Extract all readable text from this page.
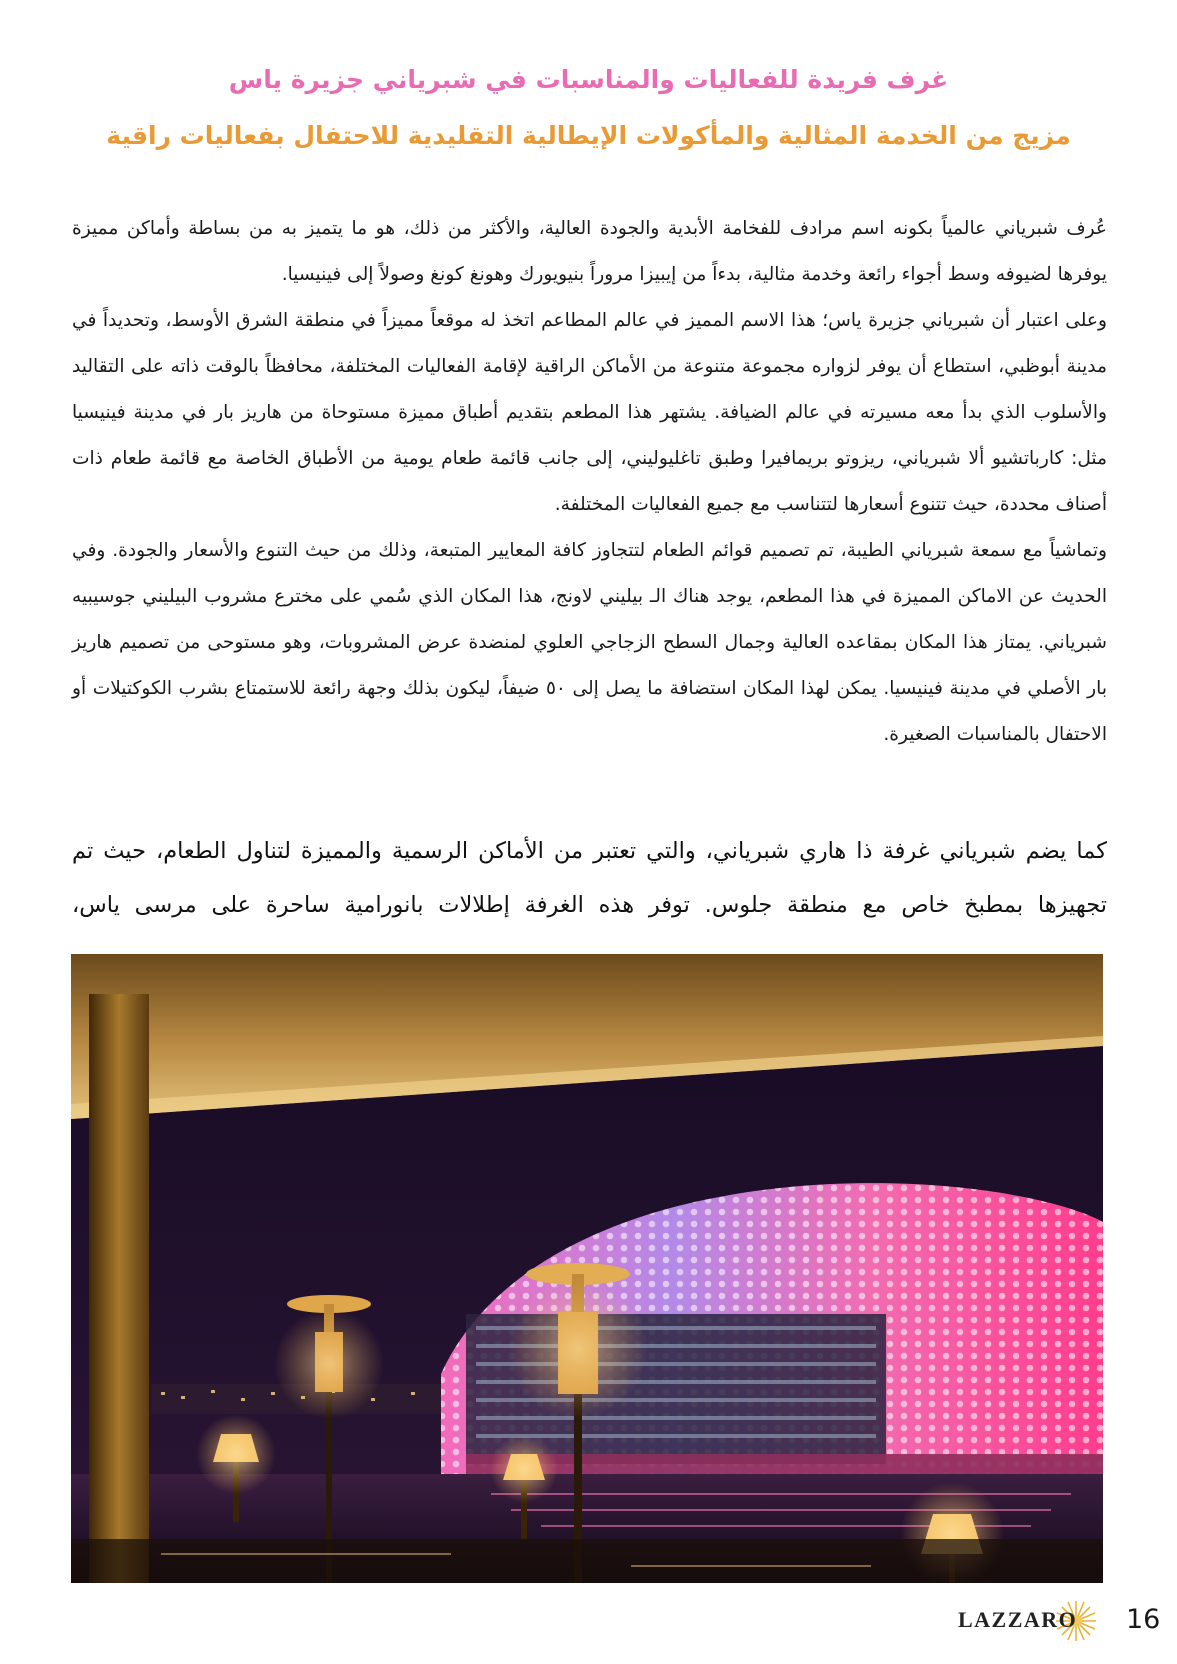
غرف فريدة للفعاليات والمناسبات في شبرياني جزيرة ياس
مزيج من الخدمة المثالية والمأكولات الإيطالية التقليدية للاحتفال بفعاليات راقية

عُرف شبرياني عالمياً بكونه اسم مرادف للفخامة الأبدية والجودة العالية، والأكثر من ذلك، هو ما يتميز به من بساطة وأماكن مميزة يوفرها لضيوفه وسط أجواء رائعة وخدمة مثالية، بدءاً من إيبيزا مروراً بنيويورك وهونغ كونغ وصولاً إلى فينيسيا.

وعلى اعتبار أن شبرياني جزيرة ياس؛ هذا الاسم المميز في عالم المطاعم اتخذ له موقعاً مميزاً في منطقة الشرق الأوسط، وتحديداً في مدينة أبوظبي، استطاع أن يوفر لزواره مجموعة متنوعة من الأماكن الراقية لإقامة الفعاليات المختلفة، محافظاً بالوقت ذاته على التقاليد والأسلوب الذي بدأ معه مسيرته في عالم الضيافة. يشتهر هذا المطعم بتقديم أطباق مميزة مستوحاة من هاريز بار في مدينة فينيسيا مثل: كارباتشيو ألا شبرياني، ريزوتو بريمافيرا وطبق تاغليوليني، إلى جانب قائمة طعام يومية من الأطباق الخاصة مع قائمة طعام ذات أصناف محددة، حيث تتنوع أسعارها لتتناسب مع جميع الفعاليات المختلفة.

وتماشياً مع سمعة شبرياني الطيبة، تم تصميم قوائم الطعام لتتجاوز كافة المعايير المتبعة، وذلك من حيث التنوع والأسعار والجودة. وفي الحديث عن الاماكن المميزة في هذا المطعم، يوجد هناك الـ بيليني لاونج، هذا المكان الذي سُمي على مخترع مشروب البيليني جوسيبيه شبرياني. يمتاز هذا المكان بمقاعده العالية وجمال السطح الزجاجي العلوي لمنضدة عرض المشروبات، وهو مستوحى من تصميم هاريز بار الأصلي في مدينة فينيسيا. يمكن لهذا المكان استضافة ما يصل إلى ٥٠ ضيفاً، ليكون بذلك وجهة رائعة للاستمتاع بشرب الكوكتيلات أو الاحتفال بالمناسبات الصغيرة.

كما يضم شبرياني غرفة ذا هاري شبرياني، والتي تعتبر من الأماكن الرسمية والمميزة لتناول الطعام، حيث تم تجهيزها بمطبخ خاص مع منطقة جلوس. توفر هذه الغرفة إطلالات بانورامية ساحرة على مرسى ياس،
LAZZARO 16
